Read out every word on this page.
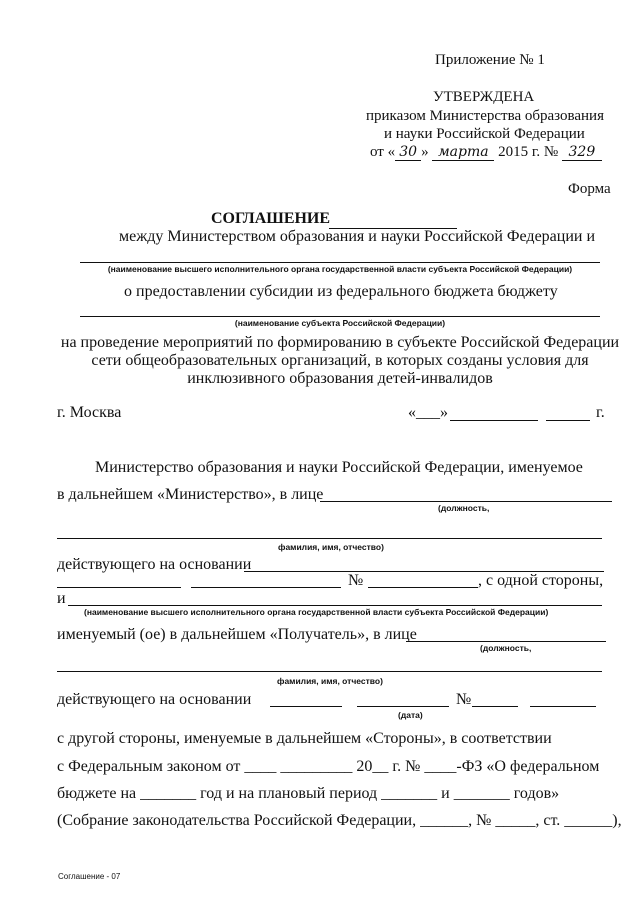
Приложение № 1
УТВЕРЖДЕНА
приказом Министерства образования
и науки Российской Федерации
от « 30 » марта 2015 г. № 329
Форма
СОГЛАШЕНИЕ
между Министерством образования и науки Российской Федерации и
(наименование высшего исполнительного органа государственной власти субъекта Российской Федерации)
о предоставлении субсидии из федерального бюджета бюджету
(наименование субъекта Российской Федерации)
на проведение мероприятий по формированию в субъекте Российской Федерации
сети общеобразовательных организаций, в которых созданы условия для
инклюзивного образования детей-инвалидов
г. Москва	«___»	г.
Министерство образования и науки Российской Федерации, именуемое
в дальнейшем «Министерство», в лице
(должность,
фамилия, имя, отчество)
действующего на основании
№	, с одной стороны,
и
(наименование высшего исполнительного органа государственной власти субъекта Российской Федерации)
именуемый (ое) в дальнейшем «Получатель», в лице
(должность,
фамилия, имя, отчество)
действующего на основании
(дата)
№
с другой стороны, именуемые в дальнейшем «Стороны», в соответствии
с Федеральным законом от ____ _________ 20__ г. № ____-ФЗ «О федеральном
бюджете на _______ год и на плановый период _______ и _______ годов»
(Собрание законодательства Российской Федерации, ______, № _____, ст. ______),
Соглашение - 07
